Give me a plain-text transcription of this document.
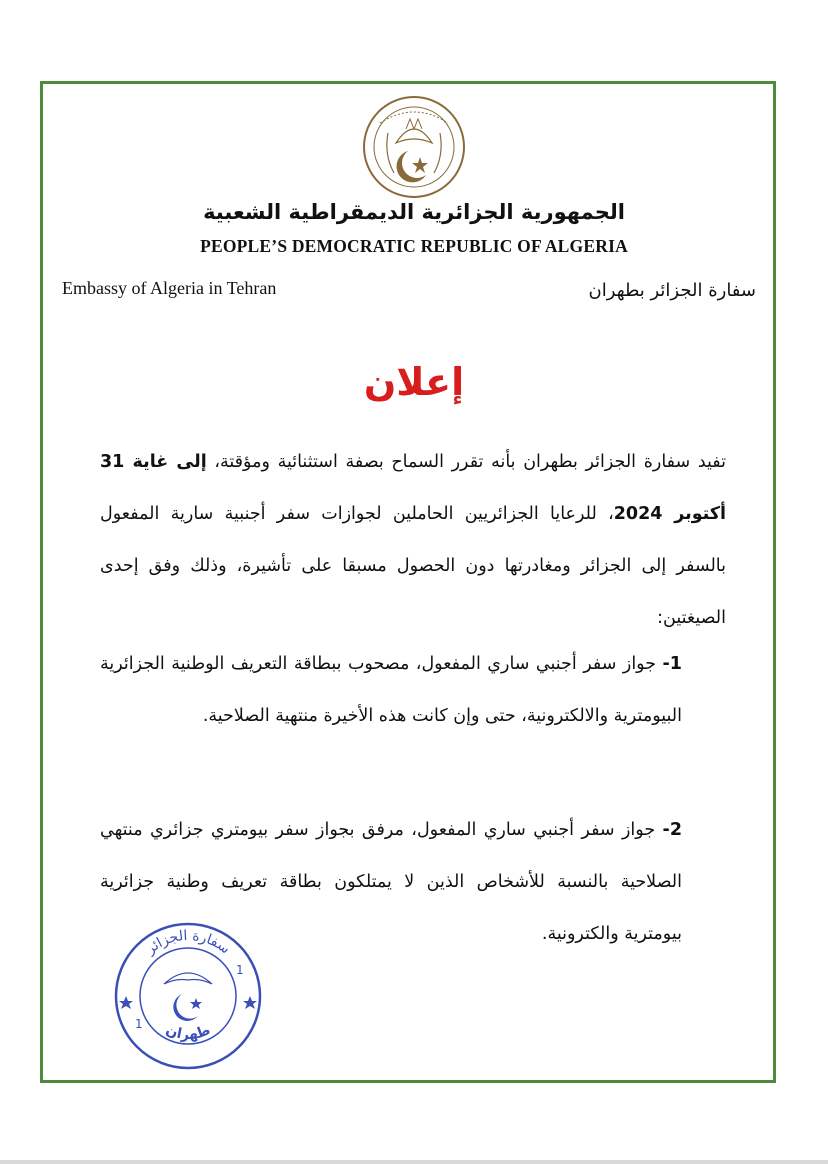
الجمهورية الجزائرية الديمقراطية الشعبية
PEOPLE’S DEMOCRATIC REPUBLIC OF ALGERIA
Embassy of Algeria in Tehran	سفارة الجزائر بطهران
إعلان
تفيد سفارة الجزائر بطهران بأنه تقرر السماح بصفة استثنائية ومؤقتة، إلى غاية 31 أكتوبر 2024، للرعايا الجزائريين الحاملين لجوازات سفر أجنبية سارية المفعول بالسفر إلى الجزائر ومغادرتها دون الحصول مسبقا على تأشيرة، وذلك وفق إحدى الصيغتين:
1- جواز سفر أجنبي ساري المفعول، مصحوب ببطاقة التعريف الوطنية الجزائرية البيومترية والالكترونية، حتى وإن كانت هذه الأخيرة منتهية الصلاحية.
2- جواز سفر أجنبي ساري المفعول، مرفق بجواز سفر بيومتري جزائري منتهي الصلاحية بالنسبة للأشخاص الذين لا يمتلكون بطاقة تعريف وطنية جزائرية بيومترية والكترونية.
سفارة الجزائر
طهران
1
1
